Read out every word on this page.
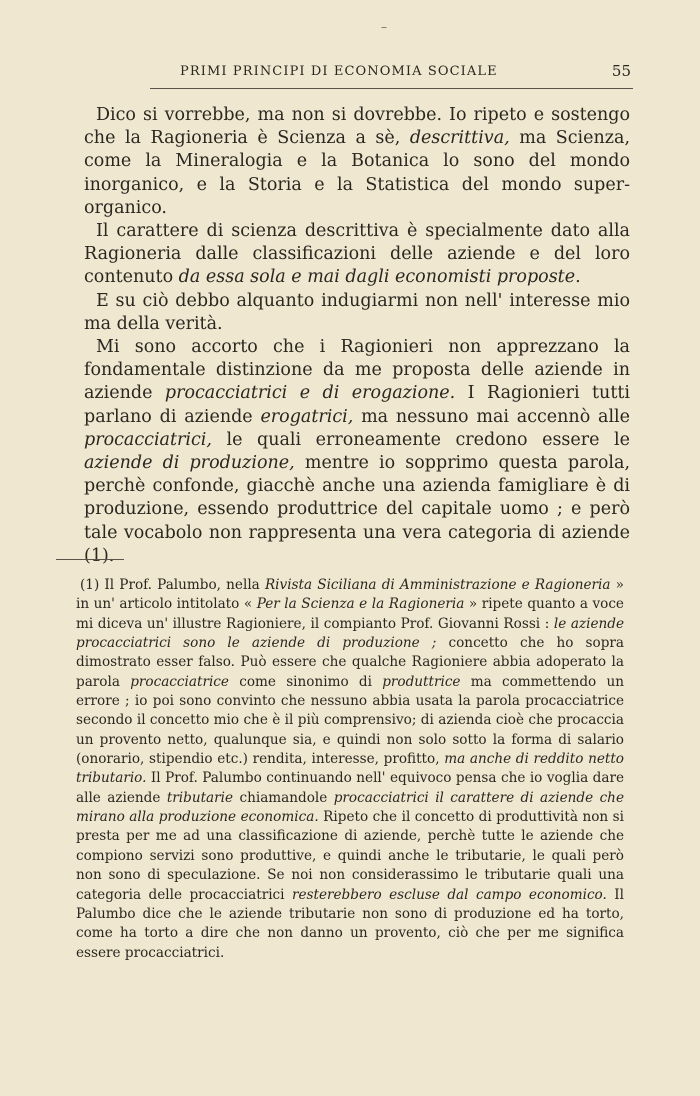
–
PRIMI PRINCIPI DI ECONOMIA SOCIALE	55

Dico si vorrebbe, ma non si dovrebbe. Io ripeto e sostengo che la Ragioneria è Scienza a sè, descrittiva, ma Scienza, come la Mineralogia e la Botanica lo sono del mondo inorganico, e la Storia e la Statistica del mondo super-organico.

Il carattere di scienza descrittiva è specialmente dato alla Ragioneria dalle classificazioni delle aziende e del loro contenuto da essa sola e mai dagli economisti proposte.

E su ciò debbo alquanto indugiarmi non nell' interesse mio ma della verità.

Mi sono accorto che i Ragionieri non apprezzano la fondamentale distinzione da me proposta delle aziende in aziende procacciatrici e di erogazione. I Ragionieri tutti parlano di aziende erogatrici, ma nessuno mai accennò alle procacciatrici, le quali erroneamente credono essere le aziende di produzione, mentre io sopprimo questa parola, perchè confonde, giacchè anche una azienda famigliare è di produzione, essendo produttrice del capitale uomo ; e però tale vocabolo non rappresenta una vera categoria di aziende (1).

(1) Il Prof. Palumbo, nella Rivista Siciliana di Amministrazione e Ragioneria » in un' articolo intitolato « Per la Scienza e la Ragioneria » ripete quanto a voce mi diceva un' illustre Ragioniere, il compianto Prof. Giovanni Rossi : le aziende procacciatrici sono le aziende di produzione ; concetto che ho sopra dimostrato esser falso. Può essere che qualche Ragioniere abbia adoperato la parola procacciatrice come sinonimo di produttrice ma commettendo un errore ; io poi sono convinto che nessuno abbia usata la parola procacciatrice secondo il concetto mio che è il più comprensivo; di azienda cioè che procaccia un provento netto, qualunque sia, e quindi non solo sotto la forma di salario (onorario, stipendio etc.) rendita, interesse, profitto, ma anche di reddito netto tributario. Il Prof. Palumbo continuando nell' equivoco pensa che io voglia dare alle aziende tributarie chiamandole procacciatrici il carattere di aziende che mirano alla produzione economica. Ripeto che il concetto di produttività non si presta per me ad una classificazione di aziende, perchè tutte le aziende che compiono servizi sono produttive, e quindi anche le tributarie, le quali però non sono di speculazione. Se noi non considerassimo le tributarie quali una categoria delle procacciatrici resterebbero escluse dal campo economico. Il Palumbo dice che le aziende tributarie non sono di produzione ed ha torto, come ha torto a dire che non danno un provento, ciò che per me significa essere procacciatrici.
